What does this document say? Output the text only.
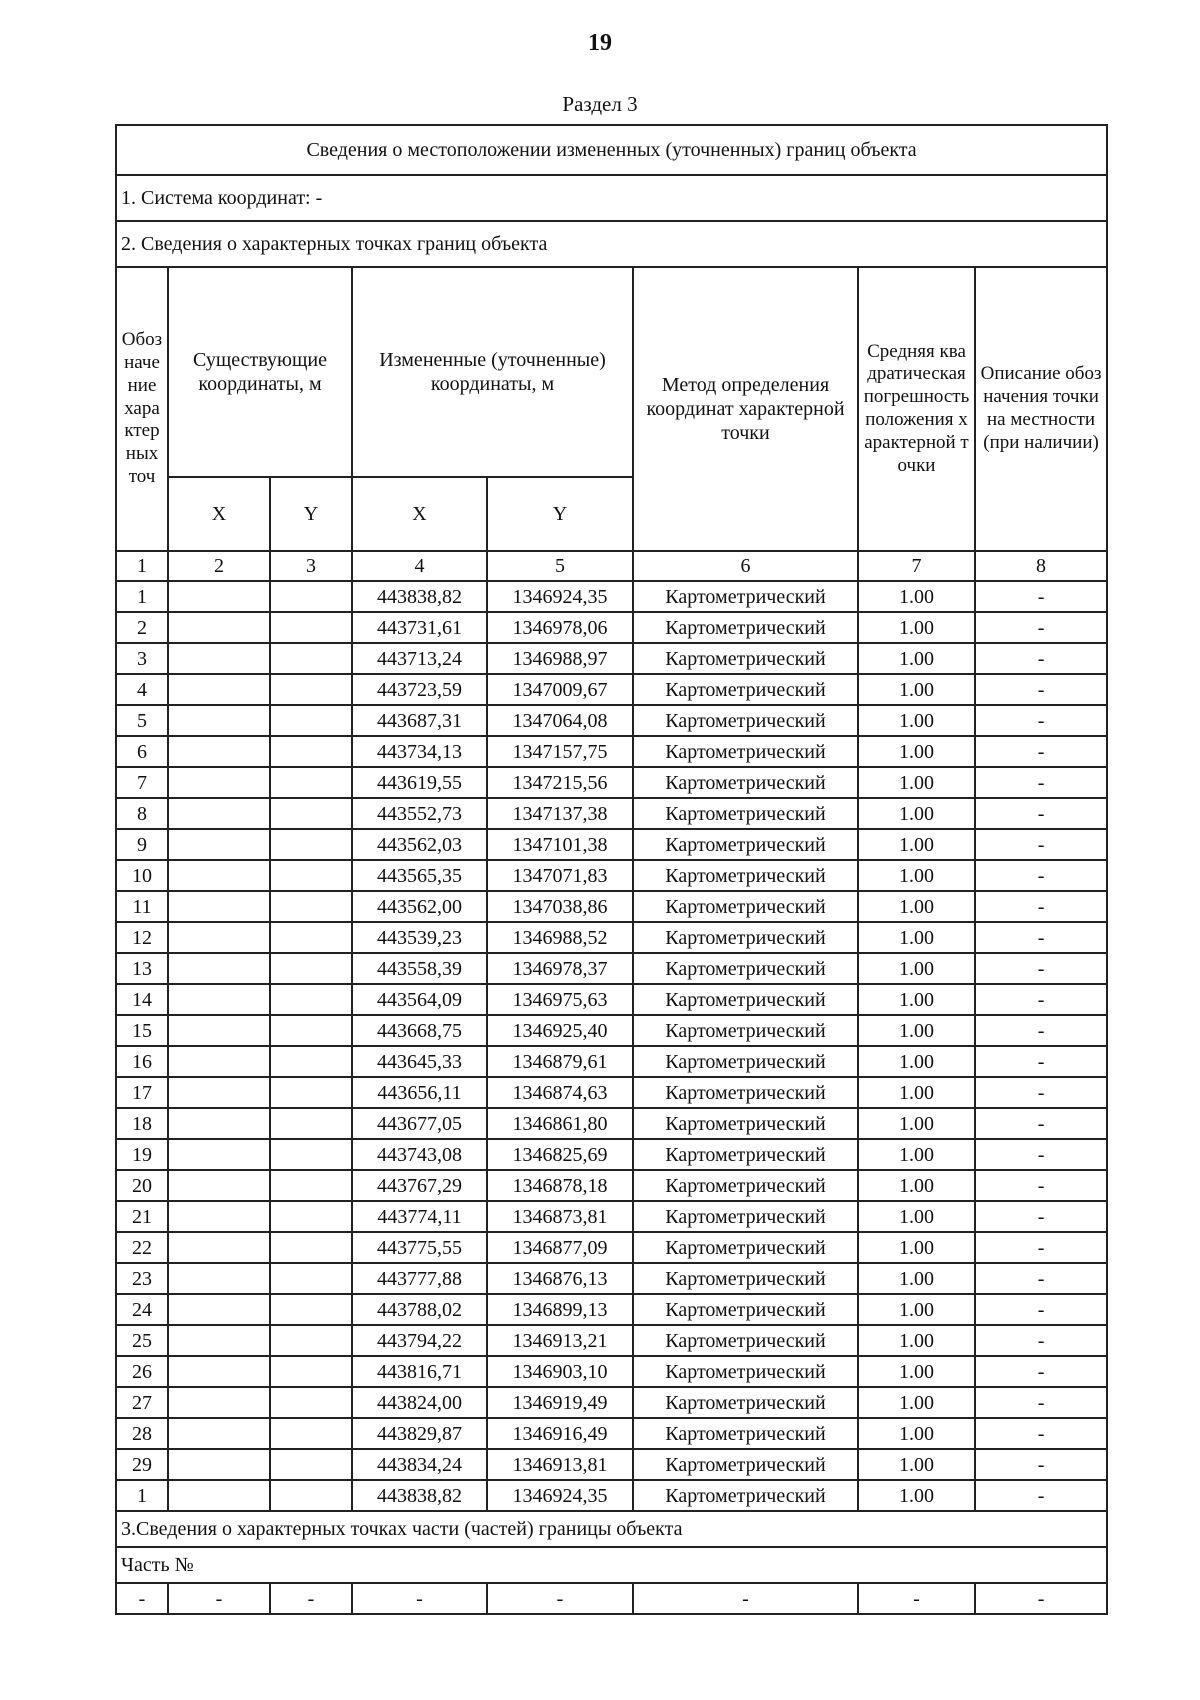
19
Раздел 3
Сведения о местоположении измененных (уточненных) границ объекта							
1. Система координат: -							
2. Сведения о характерных точках границ объекта							
Обозначение характерных точ	Существующие координаты, м		Измененные (уточненные) координаты, м		Метод определения координат характерной точки	Средняя квадратическая погрешность положения характерной точки	Описание обозначения точки на местности (при наличии)
	X	Y	X	Y			
1	2	3	4	5	6	7	8
1			443838,82	1346924,35	Картометрический	1.00	-
2			443731,61	1346978,06	Картометрический	1.00	-
3			443713,24	1346988,97	Картометрический	1.00	-
4			443723,59	1347009,67	Картометрический	1.00	-
5			443687,31	1347064,08	Картометрический	1.00	-
6			443734,13	1347157,75	Картометрический	1.00	-
7			443619,55	1347215,56	Картометрический	1.00	-
8			443552,73	1347137,38	Картометрический	1.00	-
9			443562,03	1347101,38	Картометрический	1.00	-
10			443565,35	1347071,83	Картометрический	1.00	-
11			443562,00	1347038,86	Картометрический	1.00	-
12			443539,23	1346988,52	Картометрический	1.00	-
13			443558,39	1346978,37	Картометрический	1.00	-
14			443564,09	1346975,63	Картометрический	1.00	-
15			443668,75	1346925,40	Картометрический	1.00	-
16			443645,33	1346879,61	Картометрический	1.00	-
17			443656,11	1346874,63	Картометрический	1.00	-
18			443677,05	1346861,80	Картометрический	1.00	-
19			443743,08	1346825,69	Картометрический	1.00	-
20			443767,29	1346878,18	Картометрический	1.00	-
21			443774,11	1346873,81	Картометрический	1.00	-
22			443775,55	1346877,09	Картометрический	1.00	-
23			443777,88	1346876,13	Картометрический	1.00	-
24			443788,02	1346899,13	Картометрический	1.00	-
25			443794,22	1346913,21	Картометрический	1.00	-
26			443816,71	1346903,10	Картометрический	1.00	-
27			443824,00	1346919,49	Картометрический	1.00	-
28			443829,87	1346916,49	Картометрический	1.00	-
29			443834,24	1346913,81	Картометрический	1.00	-
1			443838,82	1346924,35	Картометрический	1.00	-
3.Сведения о характерных точках части (частей) границы объекта							
Часть №							
-	-	-	-	-	-	-	-
